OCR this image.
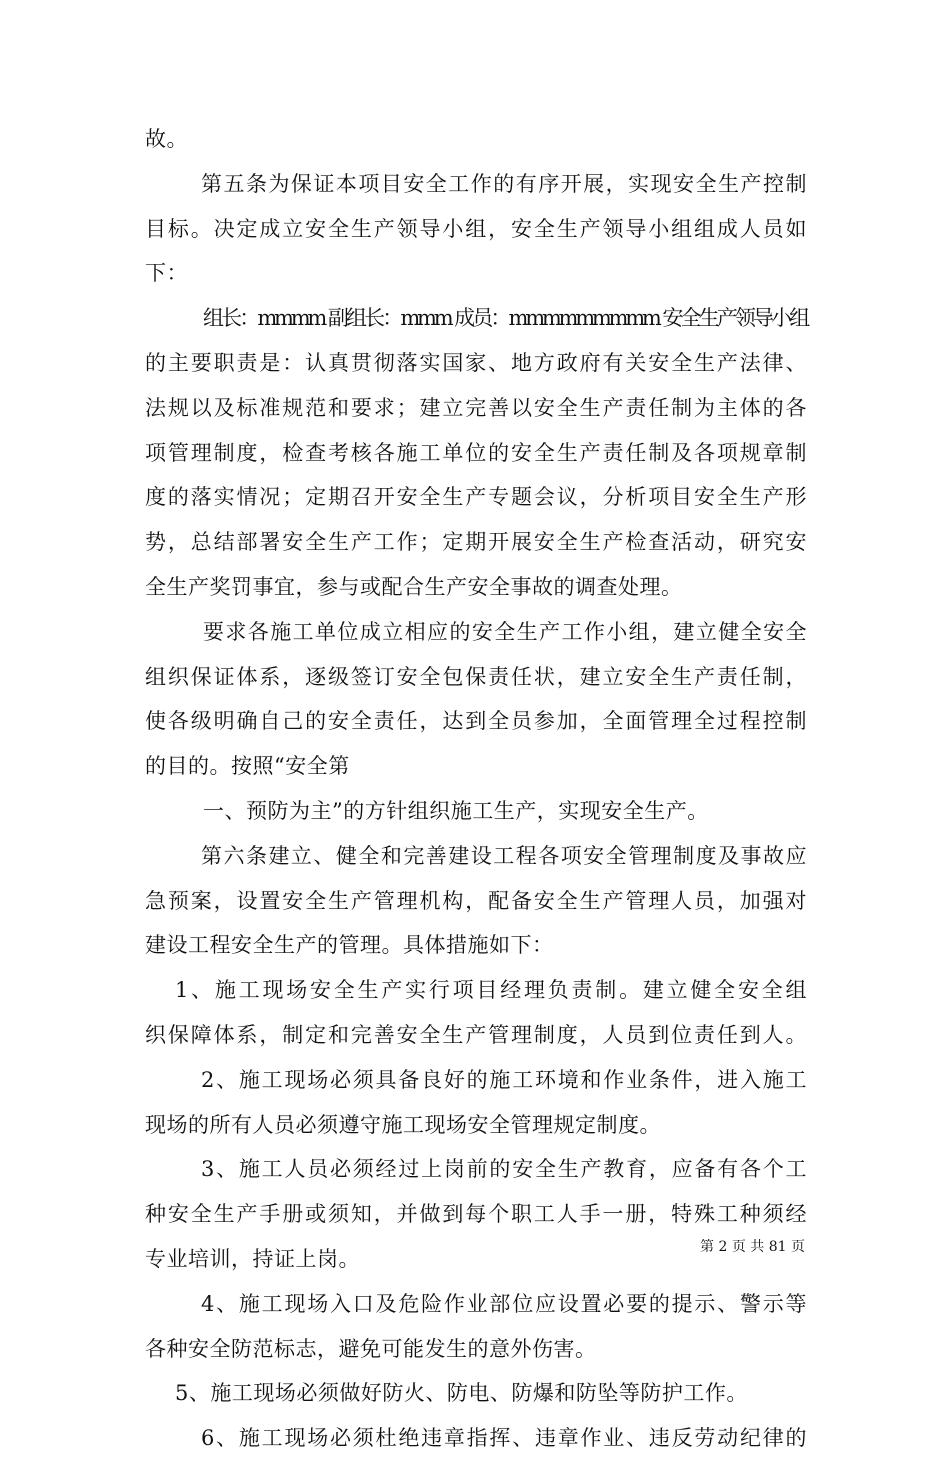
故。
第五条为保证本项目安全工作的有序开展，实现安全生产控制
目标。决定成立安全生产领导小组，安全生产领导小组组成人员如
下：
组长：mmmm 副组长：mmm 成员：mmmmmmmmm 安全生产领导小组
的主要职责是：认真贯彻落实国家、地方政府有关安全生产法律、
法规以及标准规范和要求；建立完善以安全生产责任制为主体的各
项管理制度，检查考核各施工单位的安全生产责任制及各项规章制
度的落实情况；定期召开安全生产专题会议，分析项目安全生产形
势，总结部署安全生产工作；定期开展安全生产检查活动，研究安
全生产奖罚事宜，参与或配合生产安全事故的调查处理。
要求各施工单位成立相应的安全生产工作小组，建立健全安全
组织保证体系，逐级签订安全包保责任状，建立安全生产责任制，
使各级明确自己的安全责任，达到全员参加，全面管理全过程控制
的目的。按照“安全第
一、预防为主”的方针组织施工生产，实现安全生产。
第六条建立、健全和完善建设工程各项安全管理制度及事故应
急预案，设置安全生产管理机构，配备安全生产管理人员，加强对
建设工程安全生产的管理。具体措施如下：
1、施工现场安全生产实行项目经理负责制。建立健全安全组
织保障体系，制定和完善安全生产管理制度，人员到位责任到人。
2、施工现场必须具备良好的施工环境和作业条件，进入施工
现场的所有人员必须遵守施工现场安全管理规定制度。
3、施工人员必须经过上岗前的安全生产教育，应备有各个工
种安全生产手册或须知，并做到每个职工人手一册，特殊工种须经
专业培训，持证上岗。
4、施工现场入口及危险作业部位应设置必要的提示、警示等
各种安全防范标志，避免可能发生的意外伤害。
5、施工现场必须做好防火、防电、防爆和防坠等防护工作。
6、施工现场必须杜绝违章指挥、违章作业、违反劳动纪律的
第 2 页 共 81 页
